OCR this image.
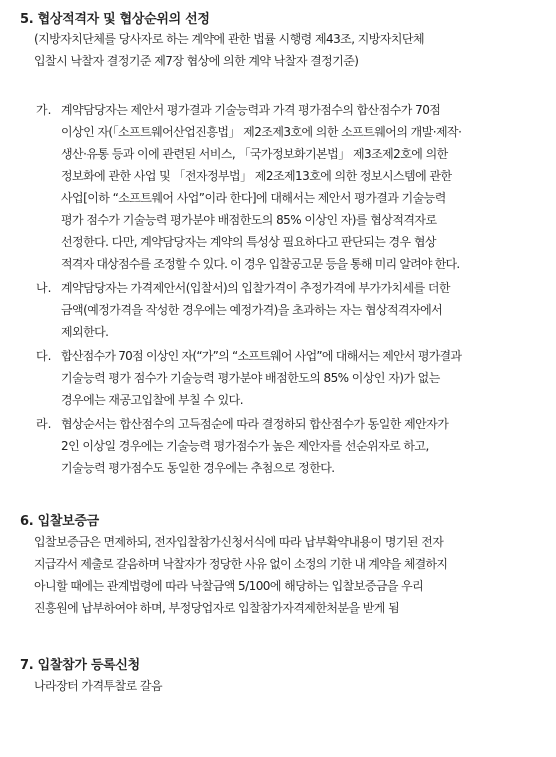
5. 협상적격자 및 협상순위의 선정
(지방자치단체를 당사자로 하는 계약에 관한 법률 시행령 제43조, 지방자치단체
입찰시 낙찰자 결정기준 제7장 협상에 의한 계약 낙찰자 결정기준)
가. 계약담당자는 제안서 평가결과 기술능력과 가격 평가점수의 합산점수가 70점
이상인 자(「소프트웨어산업진흥법」 제2조제3호에 의한 소프트웨어의 개발·제작·
생산·유통 등과 이에 관련된 서비스, 「국가정보화기본법」 제3조제2호에 의한
정보화에 관한 사업 및 「전자정부법」 제2조제13호에 의한 정보시스템에 관한
사업[이하 “소프트웨어 사업”이라 한다]에 대해서는 제안서 평가결과 기술능력
평가 점수가 기술능력 평가분야 배점한도의 85% 이상인 자)를 협상적격자로
선정한다. 다만, 계약담당자는 계약의 특성상 필요하다고 판단되는 경우 협상
적격자 대상점수를 조정할 수 있다. 이 경우 입찰공고문 등을 통해 미리 알려야 한다.
나. 계약담당자는 가격제안서(입찰서)의 입찰가격이 추정가격에 부가가치세를 더한
금액(예정가격을 작성한 경우에는 예정가격)을 초과하는 자는 협상적격자에서
제외한다.
다. 합산점수가 70점 이상인 자(“가”의 “소프트웨어 사업”에 대해서는 제안서 평가결과
기술능력 평가 점수가 기술능력 평가분야 배점한도의 85% 이상인 자)가 없는
경우에는 재공고입찰에 부칠 수 있다.
라. 협상순서는 합산점수의 고득점순에 따라 결정하되 합산점수가 동일한 제안자가
2인 이상일 경우에는 기술능력 평가점수가 높은 제안자를 선순위자로 하고,
기술능력 평가점수도 동일한 경우에는 추첨으로 정한다.
6. 입찰보증금
입찰보증금은 면제하되, 전자입찰참가신청서식에 따라 납부확약내용이 명기된 전자
지급각서 제출로 갈음하며 낙찰자가 정당한 사유 없이 소정의 기한 내 계약을 체결하지
아니할 때에는 관계법령에 따라 낙찰금액 5/100에 해당하는 입찰보증금을 우리
진흥원에 납부하여야 하며, 부정당업자로 입찰참가자격제한처분을 받게 됨
7. 입찰참가 등록신청
나라장터 가격투찰로 갈음
